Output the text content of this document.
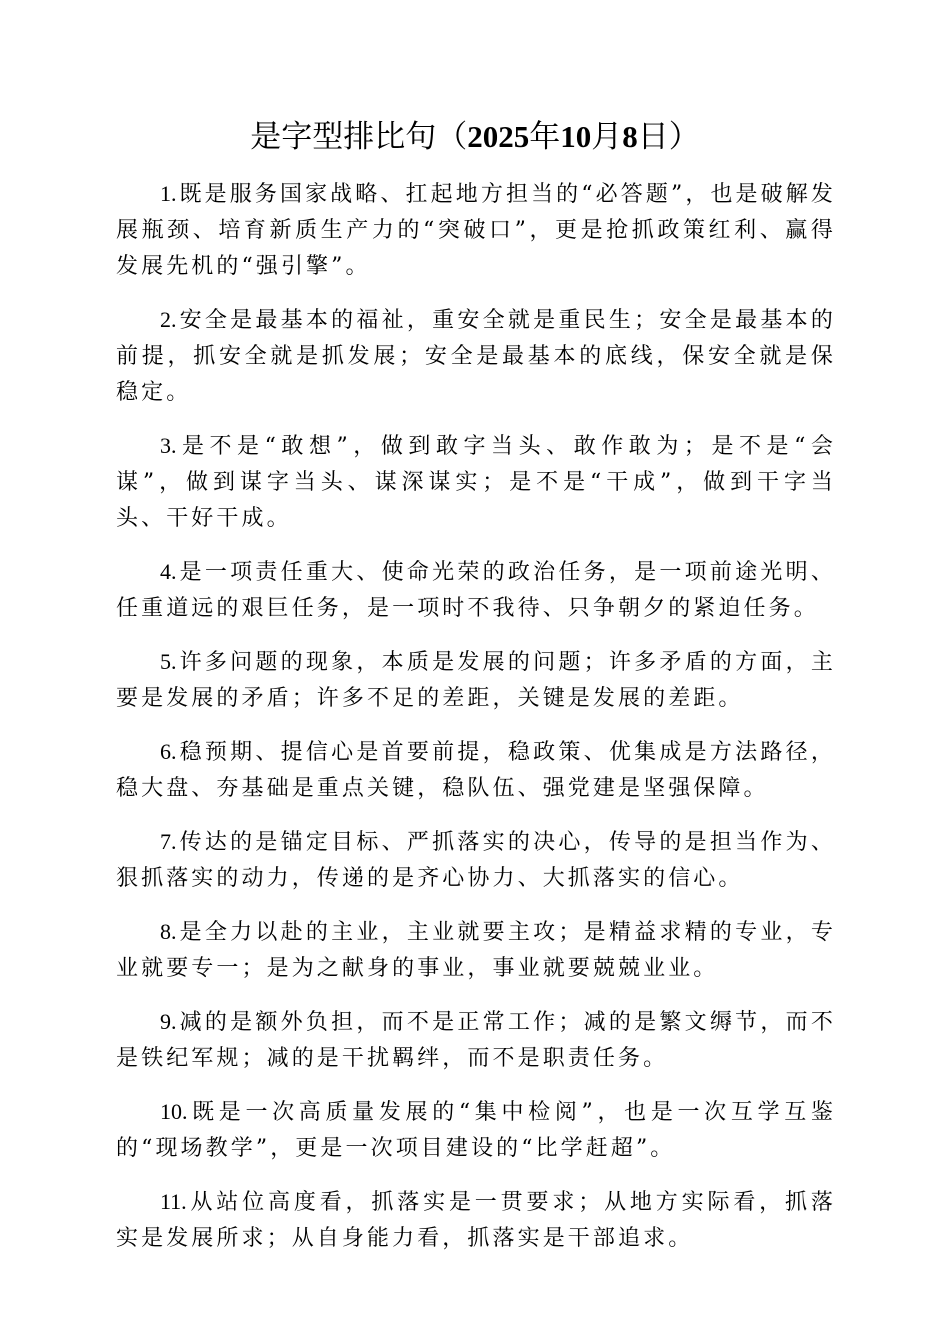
是字型排比句（2025年10月8日）

1. 既是服务国家战略、扛起地方担当的“必答题”，也是破解发展瓶颈、培育新质生产力的“突破口”，更是抢抓政策红利、赢得发展先机的“强引擎”。

2. 安全是最基本的福祉，重安全就是重民生；安全是最基本的前提，抓安全就是抓发展；安全是最基本的底线，保安全就是保稳定。

3. 是不是“敢想”，做到敢字当头、敢作敢为；是不是“会谋”，做到谋字当头、谋深谋实；是不是“干成”，做到干字当头、干好干成。

4. 是一项责任重大、使命光荣的政治任务，是一项前途光明、任重道远的艰巨任务，是一项时不我待、只争朝夕的紧迫任务。

5. 许多问题的现象，本质是发展的问题；许多矛盾的方面，主要是发展的矛盾；许多不足的差距，关键是发展的差距。

6. 稳预期、提信心是首要前提，稳政策、优集成是方法路径，稳大盘、夯基础是重点关键，稳队伍、强党建是坚强保障。

7. 传达的是锚定目标、严抓落实的决心，传导的是担当作为、狠抓落实的动力，传递的是齐心协力、大抓落实的信心。

8. 是全力以赴的主业，主业就要主攻；是精益求精的专业，专业就要专一；是为之献身的事业，事业就要兢兢业业。

9. 减的是额外负担，而不是正常工作；减的是繁文缛节，而不是铁纪军规；减的是干扰羁绊，而不是职责任务。

10. 既是一次高质量发展的“集中检阅”，也是一次互学互鉴的“现场教学”，更是一次项目建设的“比学赶超”。

11. 从站位高度看，抓落实是一贯要求；从地方实际看，抓落实是发展所求；从自身能力看，抓落实是干部追求。
